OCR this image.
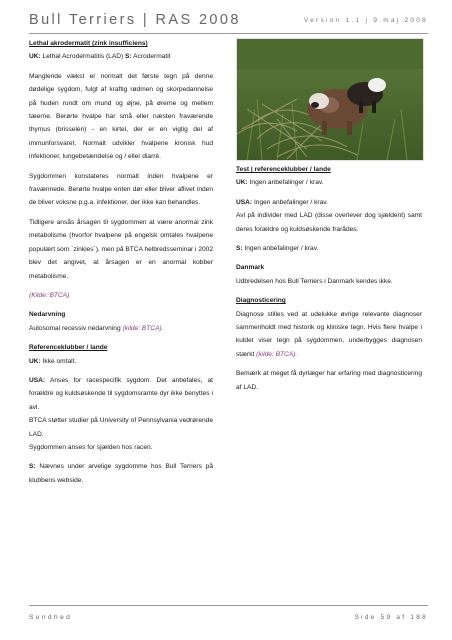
Bull Terriers | RAS 2008	Version 1.1 | 9.maj 2008
Lethal akrodermatit (zink insufficiens)

UK: Lethal Acrodermatitis (LAD) S: Acrodermatit

Manglende vækst er normalt det første tegn på denne dødelige sygdom, fulgt af kraftig rødmen og skorpedannelse på huden rundt om mund og øjne, på ørerne og mellem tæerne. Berørte hvalpe har små eller næsten fraværende thymus (brisselen) - en kirtel, der er en vigtig del af immunforsvaret. Normalt udvikler hvalpene kronisk hud infektioner, lungebetændelse og / eller diarré.

Sygdommen konstateres normalt inden hvalpene er fravænnede. Berørte hvalpe enten dør eller bliver aflivet inden de bliver voksne p.g.a. infektioner, der ikke kan behandles.

Tidligere ansås årsagen til sygdommen at være anormal zink metabolisme (hvorfor hvalpene på engelsk omtales hvalpene populært som ´zinkies´), men på BTCA helbredsseminar i 2002 blev det angivet, at årsagen er en anormal kobber metabolisme.

(Kilde: BTCA)

Nedarvning

Autosomal recessiv nedarvning (kilde: BTCA).

Referenceklubber / lande

UK: Ikke omtalt.

USA: Anses for racespecifik sygdom. Det anbefales, at forældre og kuldsøskende til sygdomsramte dyr ikke benyttes i avl.

BTCA støtter studier på University of Pennsylvania vedrørende LAD.

Sygdommen anses for sjælden hos racen.

S: Nævnes under arvelige sygdomme hos Bull Terriers på klubbens webside.

Test | referenceklubber / lande

UK: Ingen anbefalinger / krav.

USA: Ingen anbefalinger / krav.

Avl på individer med LAD (disse overlever dog sjældent) samt deres forældre og kuldsøskende frarådes.

S: Ingen anbefalinger / krav.

Danmark

Udbredelsen hos Bull Terriers i Danmark kendes ikke.

Diagnosticering

Diagnose stilles ved at udelukke øvrige relevante diagnoser sammenholdt med historik og kliniske tegn. Hvis flere hvalpe i kuldet viser tegn på sygdommen, underbygges diagnosen stærkt (kilde: BTCA).

Bemærk at meget få dyrlæger har erfaring med diagnosticering af LAD.

Sundhed	Side 59 af 188
